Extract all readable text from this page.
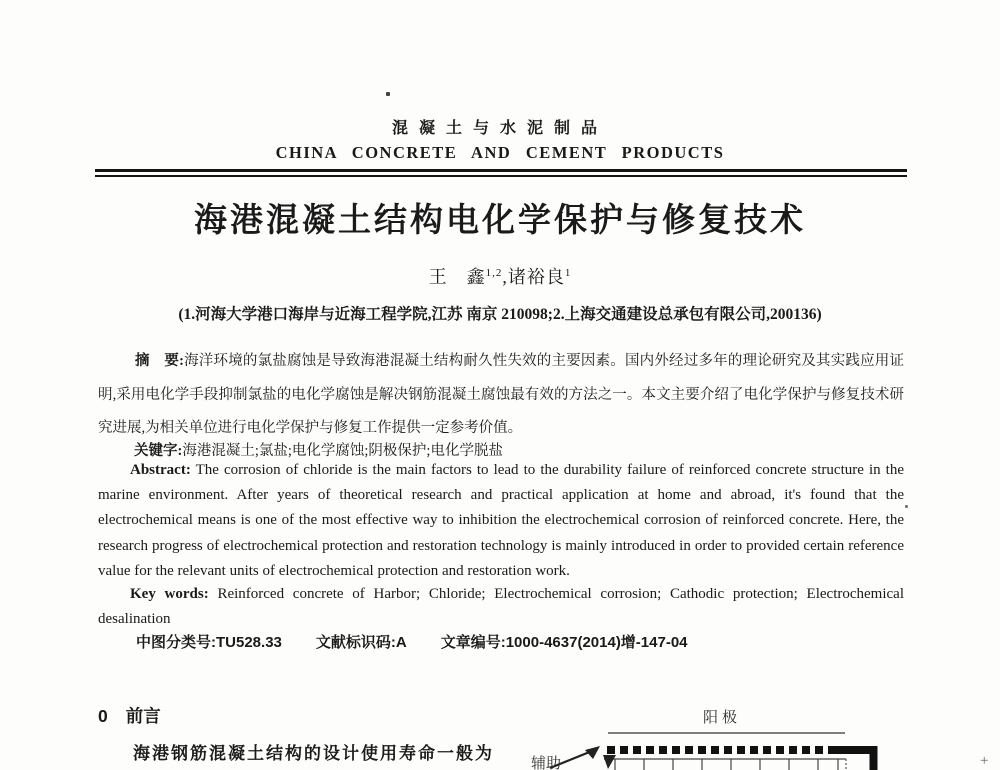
混凝土与水泥制品
CHINA CONCRETE AND CEMENT PRODUCTS
海港混凝土结构电化学保护与修复技术
王　鑫$^{1,2}$,诸裕良$^1$
(1.河海大学港口海岸与近海工程学院,江苏 南京 210098;2.上海交通建设总承包有限公司,200136)

摘　要:海洋环境的氯盐腐蚀是导致海港混凝土结构耐久性失效的主要因素。国内外经过多年的理论研究及其实践应用证明,采用电化学手段抑制氯盐的电化学腐蚀是解决钢筋混凝土腐蚀最有效的方法之一。本文主要介绍了电化学保护与修复技术研究进展,为相关单位进行电化学保护与修复工作提供一定参考价值。

关键字:海港混凝土;氯盐;电化学腐蚀;阴极保护;电化学脱盐

Abstract: The corrosion of chloride is the main factors to lead to the durability failure of reinforced concrete structure in the marine environment. After years of theoretical research and practical application at home and abroad, it's found that the electrochemical means is one of the most effective way to inhibition the electrochemical corrosion of reinforced concrete. Here, the research progress of electrochemical protection and restoration technology is mainly introduced in order to provided certain reference value for the relevant units of electrochemical protection and restoration work.

Key words: Reinforced concrete of Harbor; Chloride; Electrochemical corrosion; Cathodic protection; Electrochemical desalination

中图分类号:TU528.33 文献标识码:A 文章编号:1000-4637(2014)增-147-04
0 前言

海港钢筋混凝土结构的设计使用寿命一般为

阳极
辅助	+
